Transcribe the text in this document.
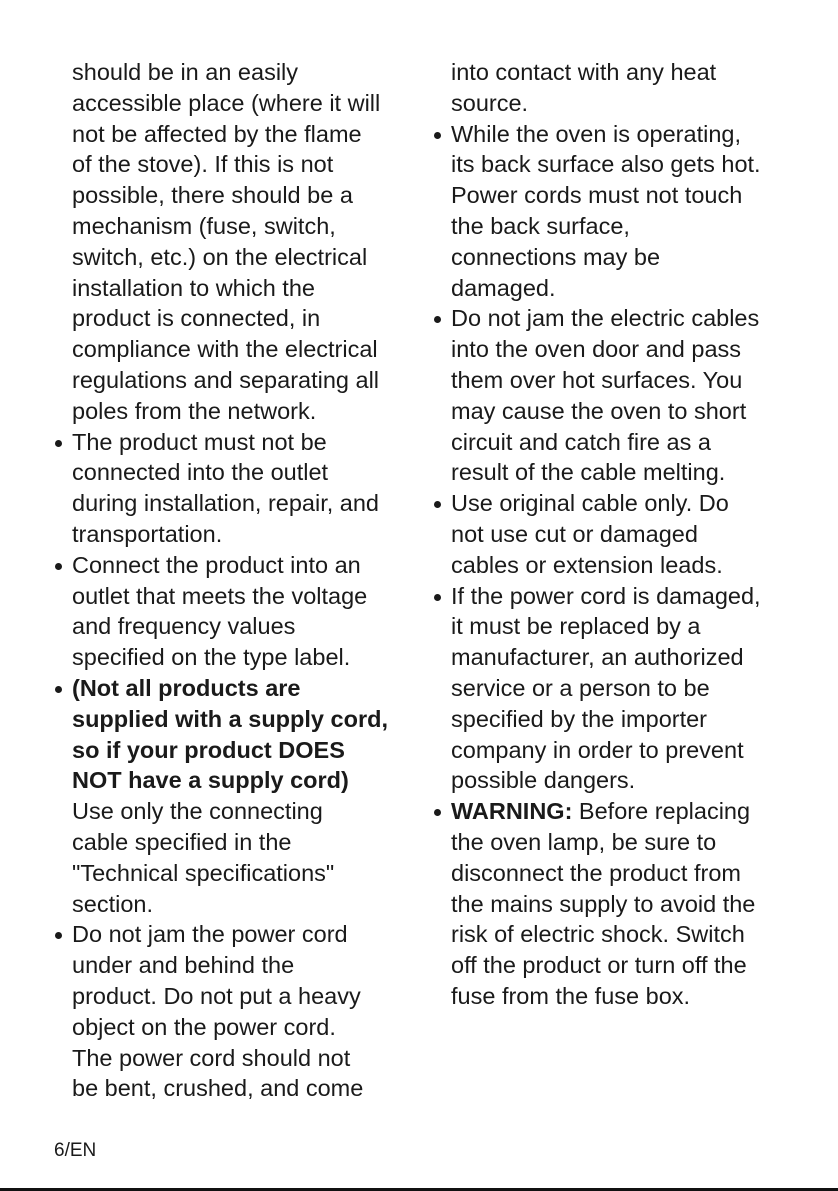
should be in an easily
accessible place (where it will
not be affected by the flame
of the stove). If this is not
possible, there should be a
mechanism (fuse, switch,
switch, etc.) on the electrical
installation to which the
product is connected, in
compliance with the electrical
regulations and separating all
poles from the network.
The product must not be
connected into the outlet
during installation, repair, and
transportation.
Connect the product into an
outlet that meets the voltage
and frequency values
specified on the type label.
(Not all products are
supplied with a supply cord,
so if your product DOES
NOT have a supply cord)
Use only the connecting
cable specified in the
"Technical specifications"
section.
Do not jam the power cord
under and behind the
product. Do not put a heavy
object on the power cord.
The power cord should not
be bent, crushed, and come
into contact with any heat
source.
While the oven is operating,
its back surface also gets hot.
Power cords must not touch
the back surface,
connections may be
damaged.
Do not jam the electric cables
into the oven door and pass
them over hot surfaces. You
may cause the oven to short
circuit and catch fire as a
result of the cable melting.
Use original cable only. Do
not use cut or damaged
cables or extension leads.
If the power cord is damaged,
it must be replaced by a
manufacturer, an authorized
service or a person to be
specified by the importer
company in order to prevent
possible dangers.
WARNING: Before replacing
the oven lamp, be sure to
disconnect the product from
the mains supply to avoid the
risk of electric shock. Switch
off the product or turn off the
fuse from the fuse box.
6/EN
